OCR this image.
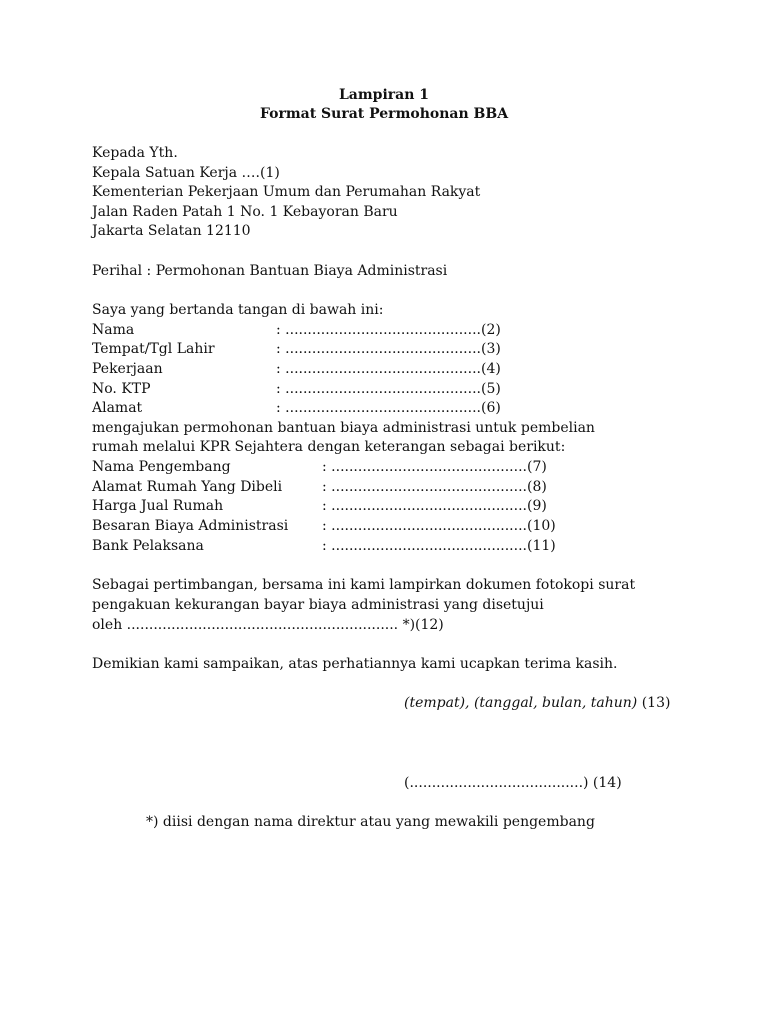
Lampiran 1
Format Surat Permohonan BBA
Kepada Yth.
Kepala Satuan Kerja ….(1)
Kementerian Pekerjaan Umum dan Perumahan Rakyat
Jalan Raden Patah 1 No. 1 Kebayoran Baru
Jakarta Selatan 12110
Perihal : Permohonan Bantuan Biaya Administrasi
Saya yang bertanda tangan di bawah ini:
Nama	: ............................................(2)
Tempat/Tgl Lahir	: ............................................(3)
Pekerjaan	: ............................................(4)
No. KTP	: ............................................(5)
Alamat	: ............................................(6)
mengajukan permohonan bantuan biaya administrasi untuk pembelian
rumah melalui KPR Sejahtera dengan keterangan sebagai berikut:
Nama Pengembang	: ............................................(7)
Alamat Rumah Yang Dibeli	: ............................................(8)
Harga Jual Rumah	: ............................................(9)
Besaran Biaya Administrasi : ............................................(10)
Bank Pelaksana	: ............................................(11)
Sebagai pertimbangan, bersama ini kami lampirkan dokumen fotokopi surat
pengakuan kekurangan bayar biaya administrasi yang disetujui
oleh ............................................................. *)(12)
Demikian kami sampaikan, atas perhatiannya kami ucapkan terima kasih.
(tempat), (tanggal, bulan, tahun) (13)
(.......................................) (14)
*) diisi dengan nama direktur atau yang mewakili pengembang
